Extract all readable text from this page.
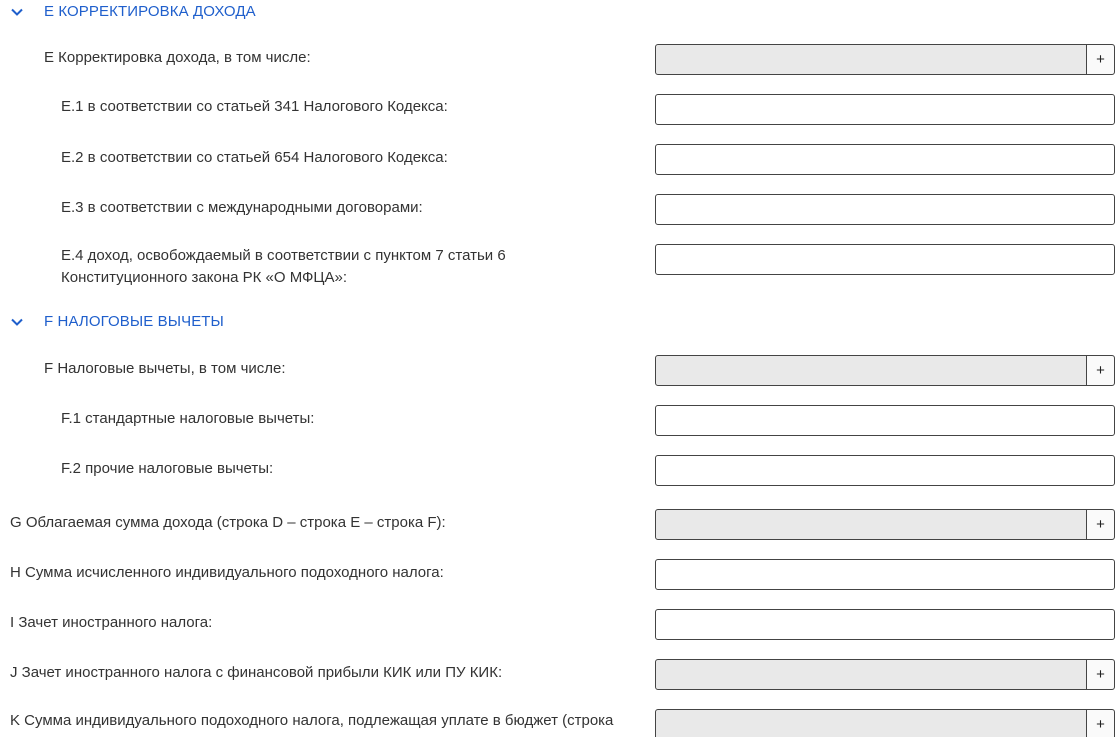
E КОРРЕКТИРОВКА ДОХОДА
E Корректировка дохода, в том числе:	+
E.1 в соответствии со статьей 341 Налогового Кодекса:
E.2 в соответствии со статьей 654 Налогового Кодекса:
E.3 в соответствии с международными договорами:
E.4 доход, освобождаемый в соответствии с пунктом 7 статьи 6
Конституционного закона РК «О МФЦА»:
F НАЛОГОВЫЕ ВЫЧЕТЫ
F Налоговые вычеты, в том числе:	+
F.1 стандартные налоговые вычеты:
F.2 прочие налоговые вычеты:
G Облагаемая сумма дохода (строка D – строка E – строка F):	+
H Сумма исчисленного индивидуального подоходного налога:
I Зачет иностранного налога:
J Зачет иностранного налога с финансовой прибыли КИК или ПУ КИК:	+
K Сумма индивидуального подоходного налога, подлежащая уплате в бюджет (строка	+
